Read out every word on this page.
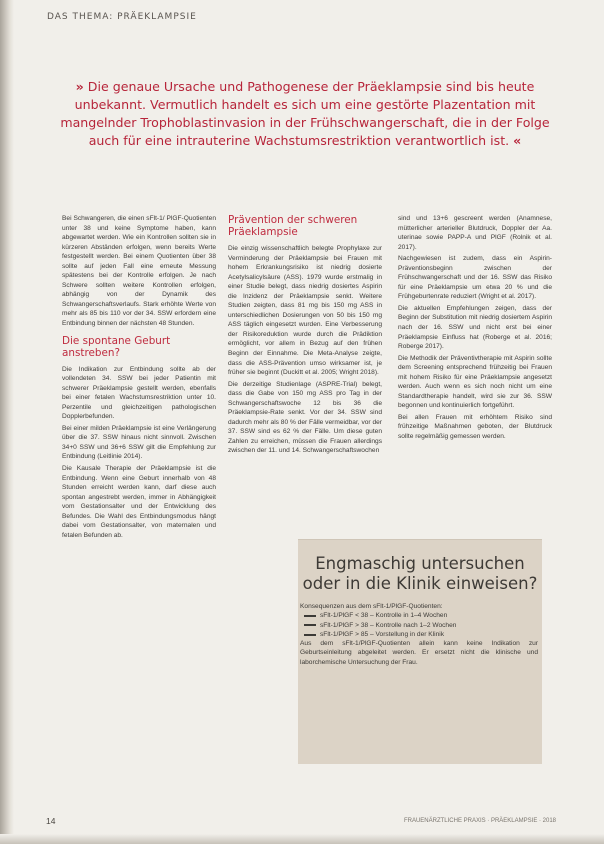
DAS THEMA: PRÄEKLAMPSIE
» Die genaue Ursache und Pathogenese der Präeklampsie sind bis heute unbekannt. Vermutlich handelt es sich um eine gestörte Plazentation mit mangelnder Trophoblastinvasion in der Frühschwangerschaft, die in der Folge auch für eine intrauterine Wachstumsrestriktion verantwortlich ist. «

Bei Schwangeren, die einen sFlt-1/ PlGF-Quotienten unter 38 und keine Symptome haben, kann abgewartet werden. Wie ein Kontrollen sollten sie in kürzeren Abständen erfolgen, wenn bereits Werte festgestellt werden. Bei einem Quotienten über 38 sollte auf jeden Fall eine erneute Messung spätestens bei der Kontrolle erfolgen. Je nach Schwere sollten weitere Kontrollen erfolgen, abhängig von der Dynamik des Schwangerschaftsverlaufs. Stark erhöhte Werte von mehr als 85 bis 110 vor der 34. SSW erfordern eine Entbindung binnen der nächsten 48 Stunden.

Die spontane Geburt anstreben?

Die Indikation zur Entbindung sollte ab der vollendeten 34. SSW bei jeder Patientin mit schwerer Präeklampsie gestellt werden, ebenfalls bei einer fetalen Wachstumsrestriktion unter 10. Perzentile und gleichzeitigen pathologischen Dopplerbefunden.

Bei einer milden Präeklampsie ist eine Verlängerung über die 37. SSW hinaus nicht sinnvoll. Zwischen 34+0 SSW und 36+6 SSW gilt die Empfehlung zur Entbindung (Leitlinie 2014).

Die Kausale Therapie der Präeklampsie ist die Entbindung. Wenn eine Geburt innerhalb von 48 Stunden erreicht werden kann, darf diese auch spontan angestrebt werden, immer in Abhängigkeit vom Gestationsalter und der Entwicklung des Befundes. Die Wahl des Entbindungsmodus hängt dabei vom Gestationsalter, von maternalen und fetalen Befunden ab.

Prävention der schweren Präeklampsie

Die einzig wissenschaftlich belegte Prophylaxe zur Verminderung der Präeklampsie bei Frauen mit hohem Erkrankungsrisiko ist niedrig dosierte Acetylsalicylsäure (ASS). 1979 wurde erstmalig in einer Studie belegt, dass niedrig dosiertes Aspirin die Inzidenz der Präeklampsie senkt. Weitere Studien zeigten, dass 81 mg bis 150 mg ASS in unterschiedlichen Dosierungen von 50 bis 150 mg ASS täglich eingesetzt wurden. Eine Verbesserung der Risikoreduktion wurde durch die Prädiktion ermöglicht, vor allem in Bezug auf den frühen Beginn der Einnahme. Die Meta-Analyse zeigte, dass die ASS-Prävention umso wirksamer ist, je früher sie beginnt (Duckitt et al. 2005; Wright 2018).

Die derzeitige Studienlage (ASPRE-Trial) belegt, dass die Gabe von 150 mg ASS pro Tag in der Schwangerschaftswoche 12 bis 36 die Präeklampsie-Rate senkt. Vor der 34. SSW sind dadurch mehr als 80 % der Fälle vermeidbar, vor der 37. SSW sind es 62 % der Fälle. Um diese guten Zahlen zu erreichen, müssen die Frauen allerdings zwischen der 11. und 14. Schwangerschaftswochen

sind und 13+6 gescreent werden (Anamnese, mütterlicher arterieller Blutdruck, Doppler der Aa. uterinae sowie PAPP-A und PlGF (Rolnik et al. 2017).

Nachgewiesen ist zudem, dass ein Aspirin-Präventionsbeginn zwischen der Frühschwangerschaft und der 16. SSW das Risiko für eine Präeklampsie um etwa 20 % und die Frühgeburtenrate reduziert (Wright et al. 2017).

Die aktuellen Empfehlungen zeigen, dass der Beginn der Substitution mit niedrig dosiertem Aspirin nach der 16. SSW und nicht erst bei einer Präeklampsie Einfluss hat (Roberge et al. 2016; Roberge 2017).

Die Methodik der Präventivtherapie mit Aspirin sollte dem Screening entsprechend frühzeitig bei Frauen mit hohem Risiko für eine Präeklampsie angesetzt werden. Auch wenn es sich noch nicht um eine Standardtherapie handelt, wird sie zur 36. SSW begonnen und kontinuierlich fortgeführt.

Bei allen Frauen mit erhöhtem Risiko sind frühzeitige Maßnahmen geboten, der Blutdruck sollte regelmäßig gemessen werden.

Engmaschig untersuchen oder in die Klinik einweisen?

Konsequenzen aus dem sFlt-1/PlGF-Quotienten:

sFlt-1/PlGF < 38 – Kontrolle in 1–4 Wochen
sFlt-1/PlGF > 38 – Kontrolle nach 1–2 Wochen
sFlt-1/PlGF > 85 – Vorstellung in der Klinik

Aus dem sFlt-1/PlGF-Quotienten allein kann keine Indikation zur Geburtseinleitung abgeleitet werden. Er ersetzt nicht die klinische und laborchemische Untersuchung der Frau.

14	FRAUENÄRZTLICHE PRAXIS · PRÄEKLAMPSIE · 2018
